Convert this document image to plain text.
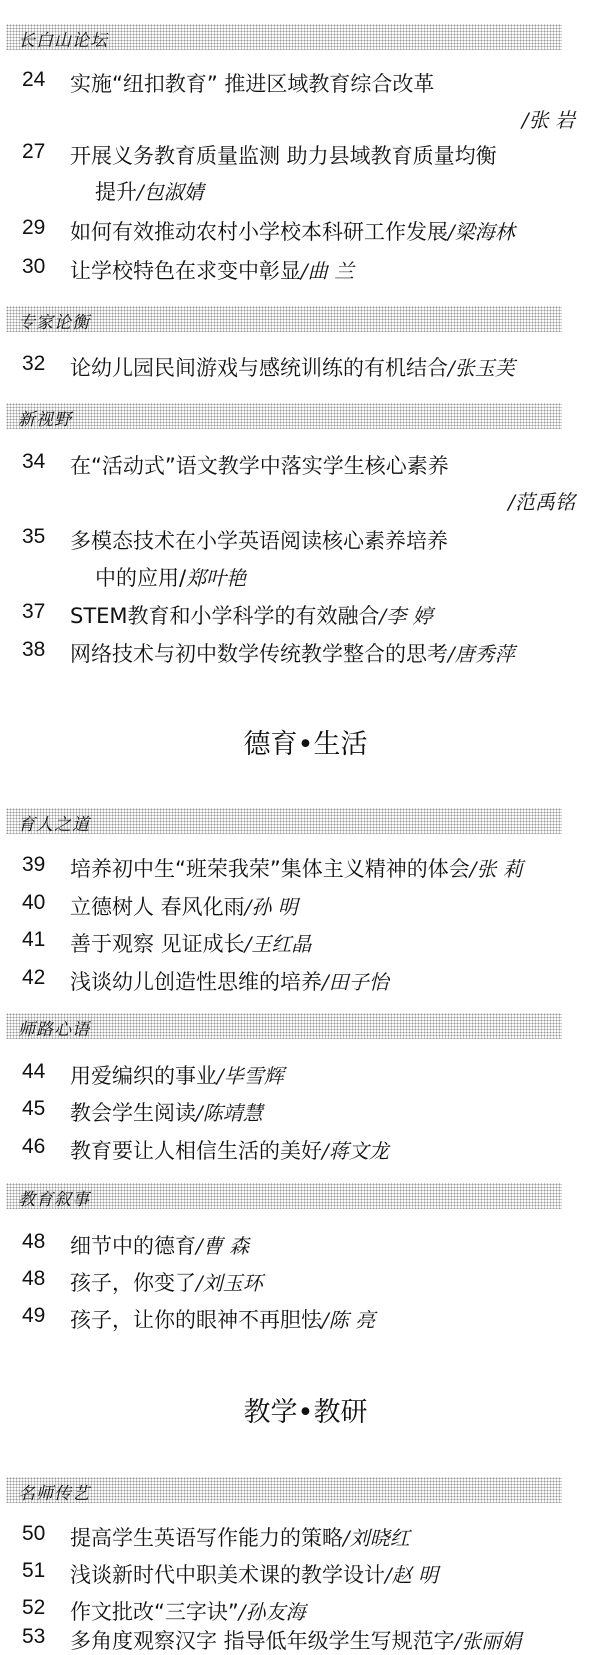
长白山论坛
24	实施“纽扣教育” 推进区域教育综合改革
/张 岩
27	开展义务教育质量监测 助力县域教育质量均衡
提升/包淑婧
29	如何有效推动农村小学校本科研工作发展/梁海林
30	让学校特色在求变中彰显/曲 兰
专家论衡
32	论幼儿园民间游戏与感统训练的有机结合/张玉芙
新视野
34	在“活动式”语文教学中落实学生核心素养
/范禹铭
35	多模态技术在小学英语阅读核心素养培养
中的应用/郑叶艳
37	STEM教育和小学科学的有效融合/李 婷
38	网络技术与初中数学传统教学整合的思考/唐秀萍
德育•生活
育人之道
39	培养初中生“班荣我荣”集体主义精神的体会/张 莉
40	立德树人 春风化雨/孙 明
41	善于观察 见证成长/王红晶
42	浅谈幼儿创造性思维的培养/田子怡
师路心语
44	用爱编织的事业/毕雪辉
45	教会学生阅读/陈靖慧
46	教育要让人相信生活的美好/蒋文龙
教育叙事
48	细节中的德育/曹 森
48	孩子，你变了/刘玉环
49	孩子，让你的眼神不再胆怯/陈 亮
教学•教研
名师传艺
50	提高学生英语写作能力的策略/刘晓红
51	浅谈新时代中职美术课的教学设计/赵 明
52	作文批改“三字诀”/孙友海
53	多角度观察汉字 指导低年级学生写规范字/张丽娟
